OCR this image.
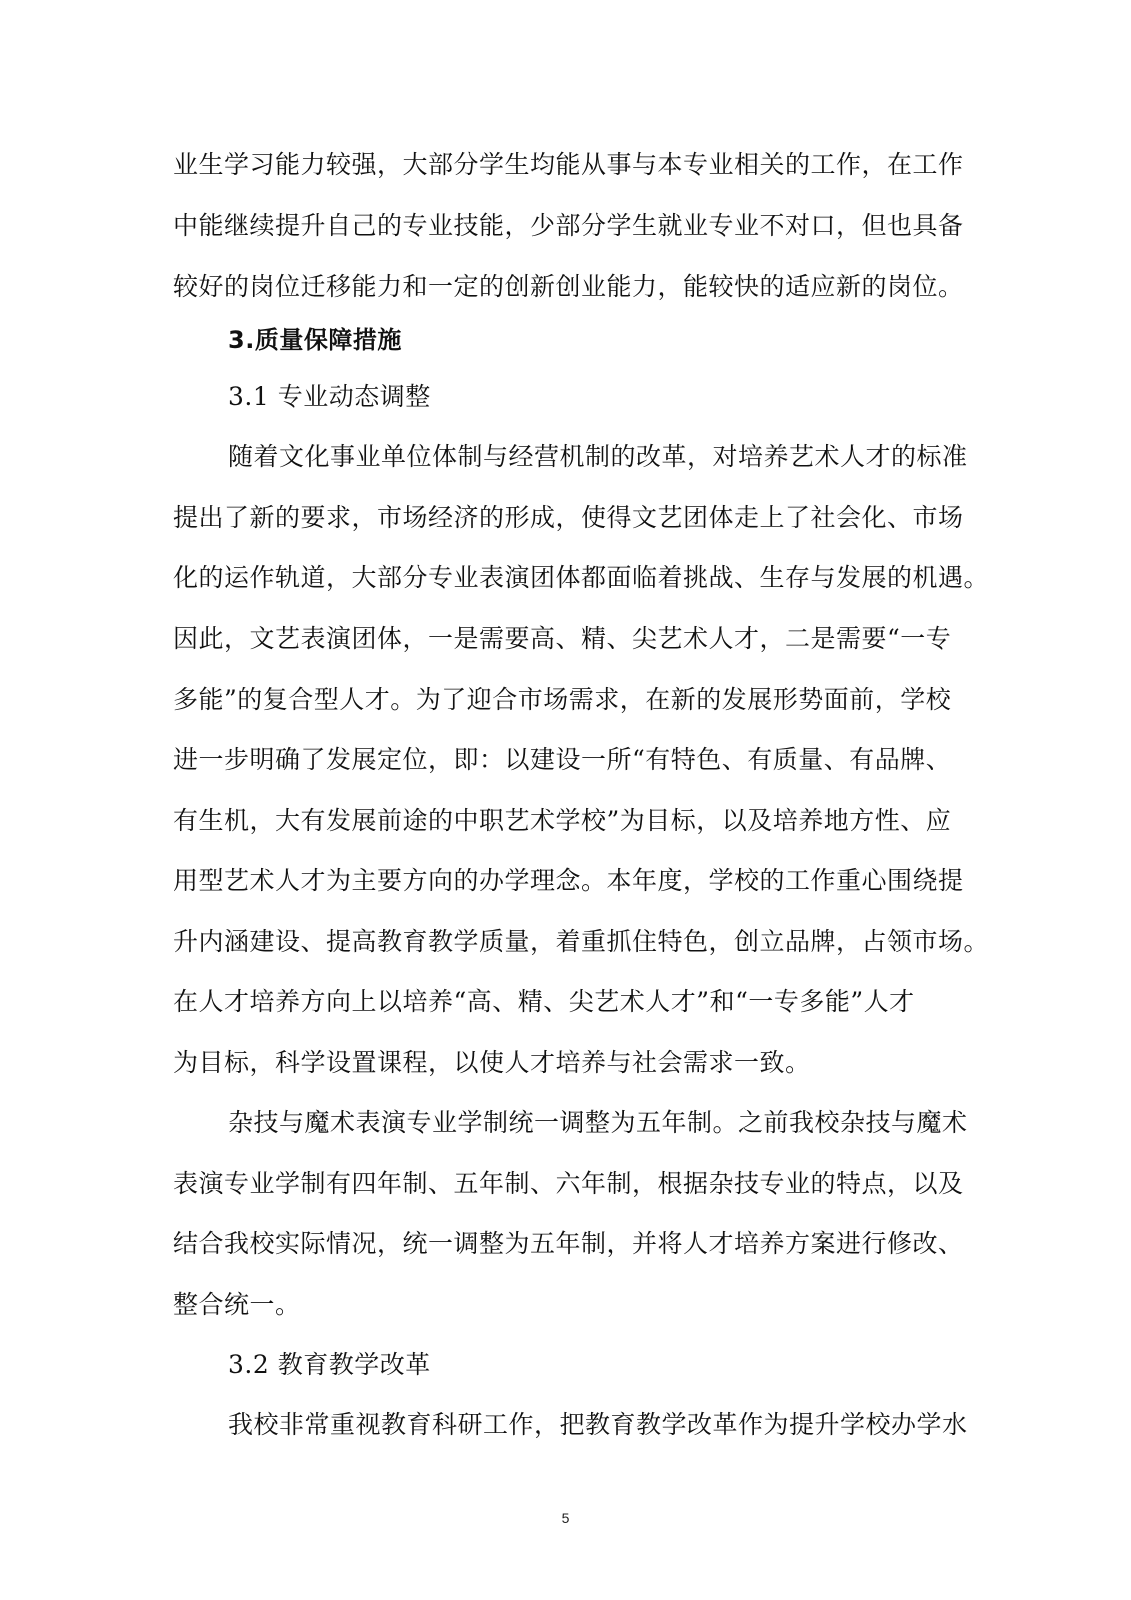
业生学习能力较强，大部分学生均能从事与本专业相关的工作，在工作
中能继续提升自己的专业技能，少部分学生就业专业不对口，但也具备
较好的岗位迁移能力和一定的创新创业能力，能较快的适应新的岗位。
3.质量保障措施
3.1 专业动态调整
随着文化事业单位体制与经营机制的改革，对培养艺术人才的标准
提出了新的要求，市场经济的形成，使得文艺团体走上了社会化、市场
化的运作轨道，大部分专业表演团体都面临着挑战、生存与发展的机遇。
因此，文艺表演团体，一是需要高、精、尖艺术人才，二是需要“一专
多能”的复合型人才。为了迎合市场需求，在新的发展形势面前，学校
进一步明确了发展定位，即：以建设一所“有特色、有质量、有品牌、
有生机，大有发展前途的中职艺术学校”为目标，以及培养地方性、应
用型艺术人才为主要方向的办学理念。本年度，学校的工作重心围绕提
升内涵建设、提高教育教学质量，着重抓住特色，创立品牌，占领市场。
在人才培养方向上以培养“高、精、尖艺术人才”和“一专多能”人才
为目标，科学设置课程，以使人才培养与社会需求一致。
杂技与魔术表演专业学制统一调整为五年制。之前我校杂技与魔术
表演专业学制有四年制、五年制、六年制，根据杂技专业的特点，以及
结合我校实际情况，统一调整为五年制，并将人才培养方案进行修改、
整合统一。
3.2 教育教学改革
我校非常重视教育科研工作，把教育教学改革作为提升学校办学水
5
